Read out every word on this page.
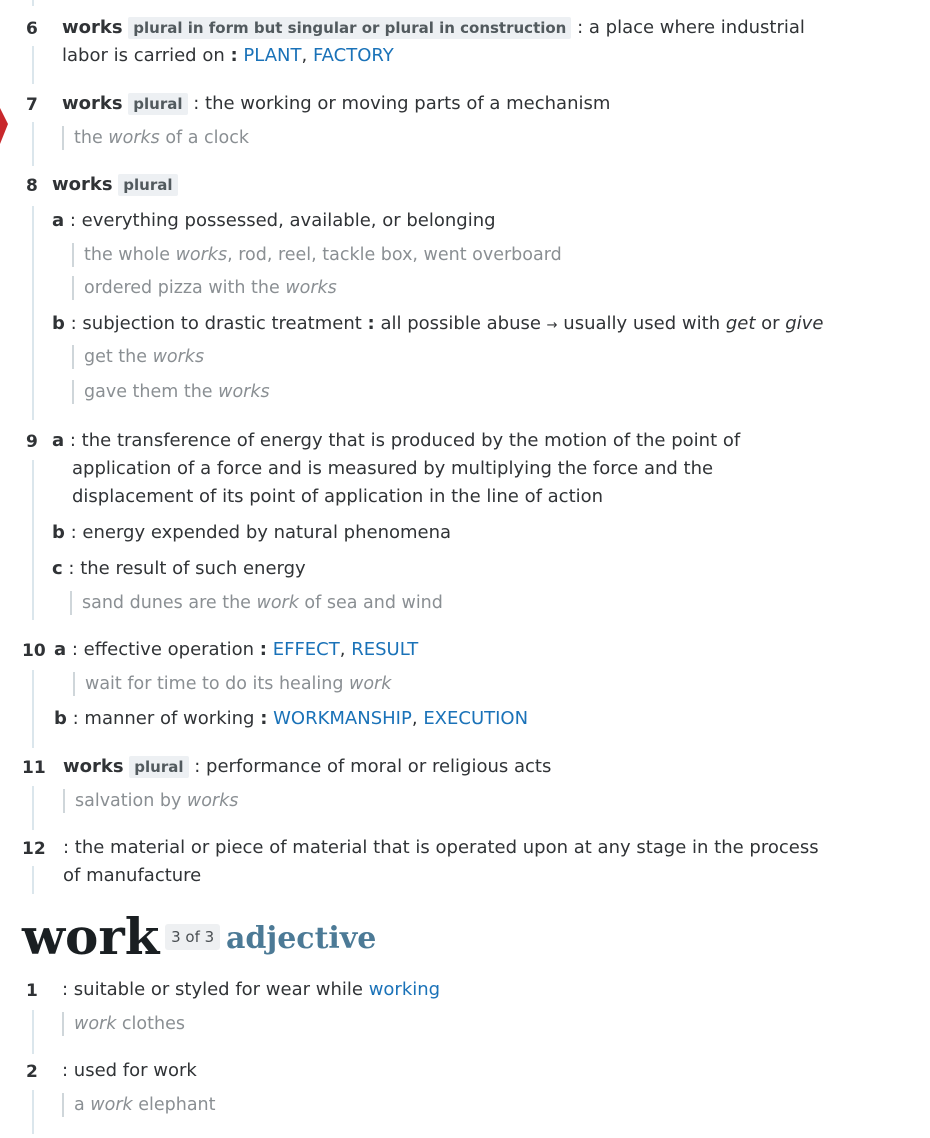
6 works plural in form but singular or plural in construction : a place where industrial
labor is carried on : PLANT, FACTORY
7 works plural : the working or moving parts of a mechanism
the works of a clock
8 works plural
a : everything possessed, available, or belonging
the whole works, rod, reel, tackle box, went overboard
ordered pizza with the works
b : subjection to drastic treatment : all possible abuse → usually used with get or give
get the works
gave them the works
9 a : the transference of energy that is produced by the motion of the point of
application of a force and is measured by multiplying the force and the
displacement of its point of application in the line of action
b : energy expended by natural phenomena
c : the result of such energy
sand dunes are the work of sea and wind
10 a : effective operation : EFFECT, RESULT
wait for time to do its healing work
b : manner of working : WORKMANSHIP, EXECUTION
11 works plural : performance of moral or religious acts
salvation by works
12 : the material or piece of material that is operated upon at any stage in the process
of manufacture
work $^{3 of 3}$ adjective
1 : suitable or styled for wear while working
work clothes
2 : used for work
a work elephant
